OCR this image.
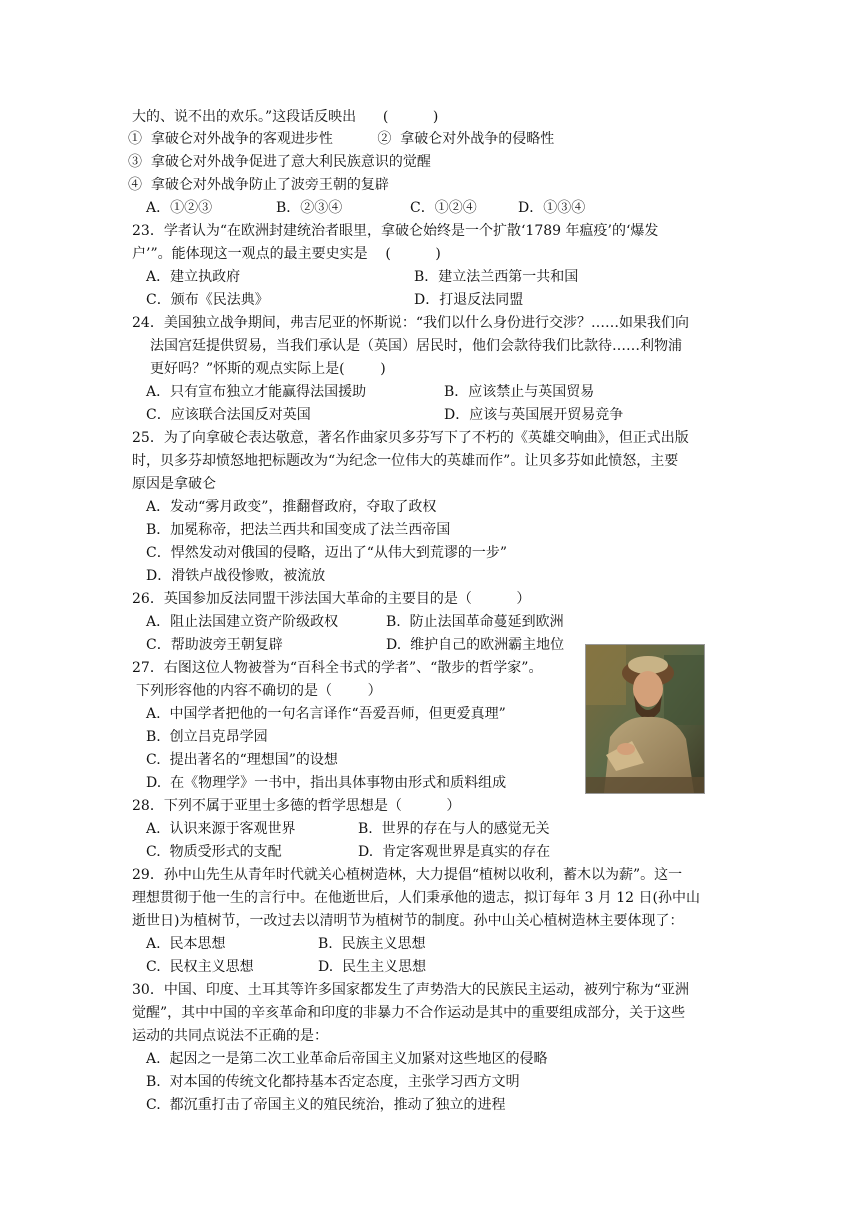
大的、说不出的欢乐。”这段话反映出      (          )
①  拿破仑对外战争的客观进步性          ②  拿破仑对外战争的侵略性
③  拿破仑对外战争促进了意大利民族意识的觉醒
④  拿破仑对外战争防止了波旁王朝的复辟
A．①②③	B．②③④	C．①②④	D．①③④
23．学者认为“在欧洲封建统治者眼里，拿破仑始终是一个扩散‘1789 年瘟疫’的‘爆发
户’”。能体现这一观点的最主要史实是    (          )
A．建立执政府	B．建立法兰西第一共和国
C．颁布《民法典》	D．打退反法同盟
24．美国独立战争期间，弗吉尼亚的怀斯说：“我们以什么身份进行交涉？……如果我们向
法国宫廷提供贸易，当我们承认是（英国）居民时，他们会款待我们比款待……利物浦
更好吗？”怀斯的观点实际上是(        )
A．只有宣布独立才能赢得法国援助	B．应该禁止与英国贸易
C．应该联合法国反对英国	D．应该与英国展开贸易竞争
25．为了向拿破仑表达敬意，著名作曲家贝多芬写下了不朽的《英雄交响曲》，但正式出版
时，贝多芬却愤怒地把标题改为“为纪念一位伟大的英雄而作”。让贝多芬如此愤怒，主要
原因是拿破仑
A．发动“雾月政变”，推翻督政府，夺取了政权
B．加冕称帝，把法兰西共和国变成了法兰西帝国
C．悍然发动对俄国的侵略，迈出了“从伟大到荒谬的一步”
D．滑铁卢战役惨败，被流放
26．英国参加反法同盟干涉法国大革命的主要目的是（          ）
A．阻止法国建立资产阶级政权	B.  防止法国革命蔓延到欧洲
C．帮助波旁王朝复辟	D.  维护自己的欧洲霸主地位
27．右图这位人物被誉为“百科全书式的学者”、“散步的哲学家”。
下列形容他的内容不确切的是（        ）
A.  中国学者把他的一句名言译作“吾爱吾师，但更爱真理”
B.  创立吕克昂学园
C.  提出著名的“理想国”的设想
D.  在《物理学》一书中，指出具体事物由形式和质料组成
28．下列不属于亚里士多德的哲学思想是（          ）
A.  认识来源于客观世界	B.  世界的存在与人的感觉无关
C.  物质受形式的支配	D.  肯定客观世界是真实的存在
29．孙中山先生从青年时代就关心植树造林，大力提倡“植树以收利，蓄木以为薪”。这一
理想贯彻于他一生的言行中。在他逝世后，人们秉承他的遗志，拟订每年 3 月 12 日(孙中山
逝世日)为植树节，一改过去以清明节为植树节的制度。孙中山关心植树造林主要体现了：
A.  民本思想	B.  民族主义思想
C.  民权主义思想	D.  民生主义思想
30．中国、印度、土耳其等许多国家都发生了声势浩大的民族民主运动，被列宁称为“亚洲
觉醒”，其中中国的辛亥革命和印度的非暴力不合作运动是其中的重要组成部分，关于这些
运动的共同点说法不正确的是：
A.  起因之一是第二次工业革命后帝国主义加紧对这些地区的侵略
B.  对本国的传统文化都持基本否定态度，主张学习西方文明
C.  都沉重打击了帝国主义的殖民统治，推动了独立的进程
